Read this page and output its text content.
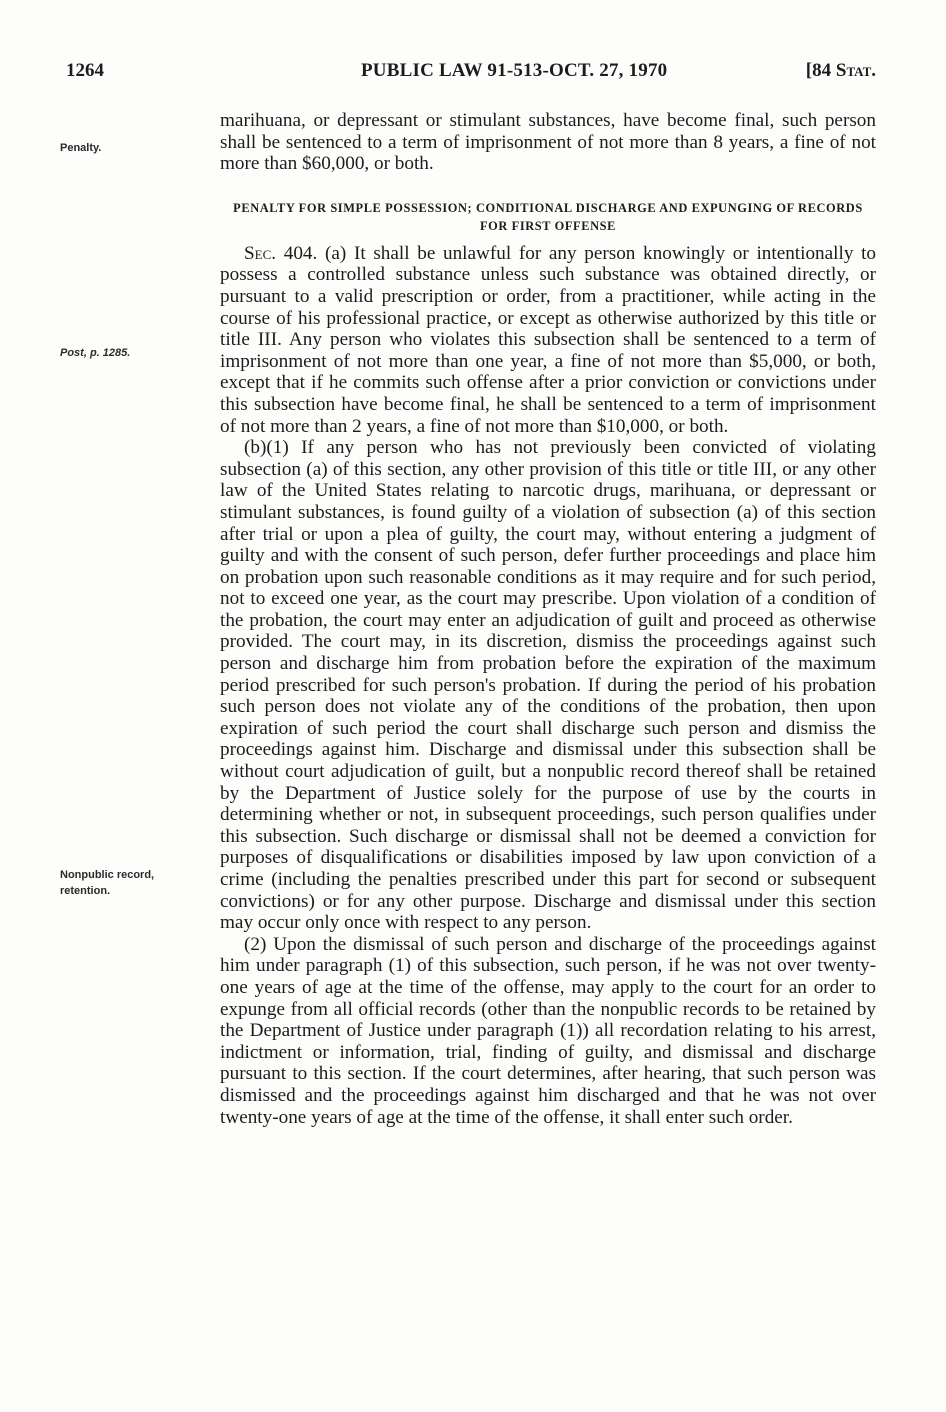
1264	PUBLIC LAW 91-513-OCT. 27, 1970	[84 Stat.
Penalty.
Post, p. 1285.
Nonpublic record, retention.

marihuana, or depressant or stimulant substances, have become final, such person shall be sentenced to a term of imprisonment of not more than 8 years, a fine of not more than $60,000, or both.

PENALTY FOR SIMPLE POSSESSION; CONDITIONAL DISCHARGE AND EXPUNGING OF RECORDS FOR FIRST OFFENSE

Sec. 404. (a) It shall be unlawful for any person knowingly or intentionally to possess a controlled substance unless such substance was obtained directly, or pursuant to a valid prescription or order, from a practitioner, while acting in the course of his professional practice, or except as otherwise authorized by this title or title III. Any person who violates this subsection shall be sentenced to a term of imprisonment of not more than one year, a fine of not more than $5,000, or both, except that if he commits such offense after a prior conviction or convictions under this subsection have become final, he shall be sentenced to a term of imprisonment of not more than 2 years, a fine of not more than $10,000, or both.

(b)(1) If any person who has not previously been convicted of violating subsection (a) of this section, any other provision of this title or title III, or any other law of the United States relating to narcotic drugs, marihuana, or depressant or stimulant substances, is found guilty of a violation of subsection (a) of this section after trial or upon a plea of guilty, the court may, without entering a judgment of guilty and with the consent of such person, defer further proceedings and place him on probation upon such reasonable conditions as it may require and for such period, not to exceed one year, as the court may prescribe. Upon violation of a condition of the probation, the court may enter an adjudication of guilt and proceed as otherwise provided. The court may, in its discretion, dismiss the proceedings against such person and discharge him from probation before the expiration of the maximum period prescribed for such person's probation. If during the period of his probation such person does not violate any of the conditions of the probation, then upon expiration of such period the court shall discharge such person and dismiss the proceedings against him. Discharge and dismissal under this subsection shall be without court adjudication of guilt, but a nonpublic record thereof shall be retained by the Department of Justice solely for the purpose of use by the courts in determining whether or not, in subsequent proceedings, such person qualifies under this subsection. Such discharge or dismissal shall not be deemed a conviction for purposes of disqualifications or disabilities imposed by law upon conviction of a crime (including the penalties prescribed under this part for second or subsequent convictions) or for any other purpose. Discharge and dismissal under this section may occur only once with respect to any person.

(2) Upon the dismissal of such person and discharge of the proceedings against him under paragraph (1) of this subsection, such person, if he was not over twenty-one years of age at the time of the offense, may apply to the court for an order to expunge from all official records (other than the nonpublic records to be retained by the Department of Justice under paragraph (1)) all recordation relating to his arrest, indictment or information, trial, finding of guilty, and dismissal and discharge pursuant to this section. If the court determines, after hearing, that such person was dismissed and the proceedings against him discharged and that he was not over twenty-one years of age at the time of the offense, it shall enter such order.
